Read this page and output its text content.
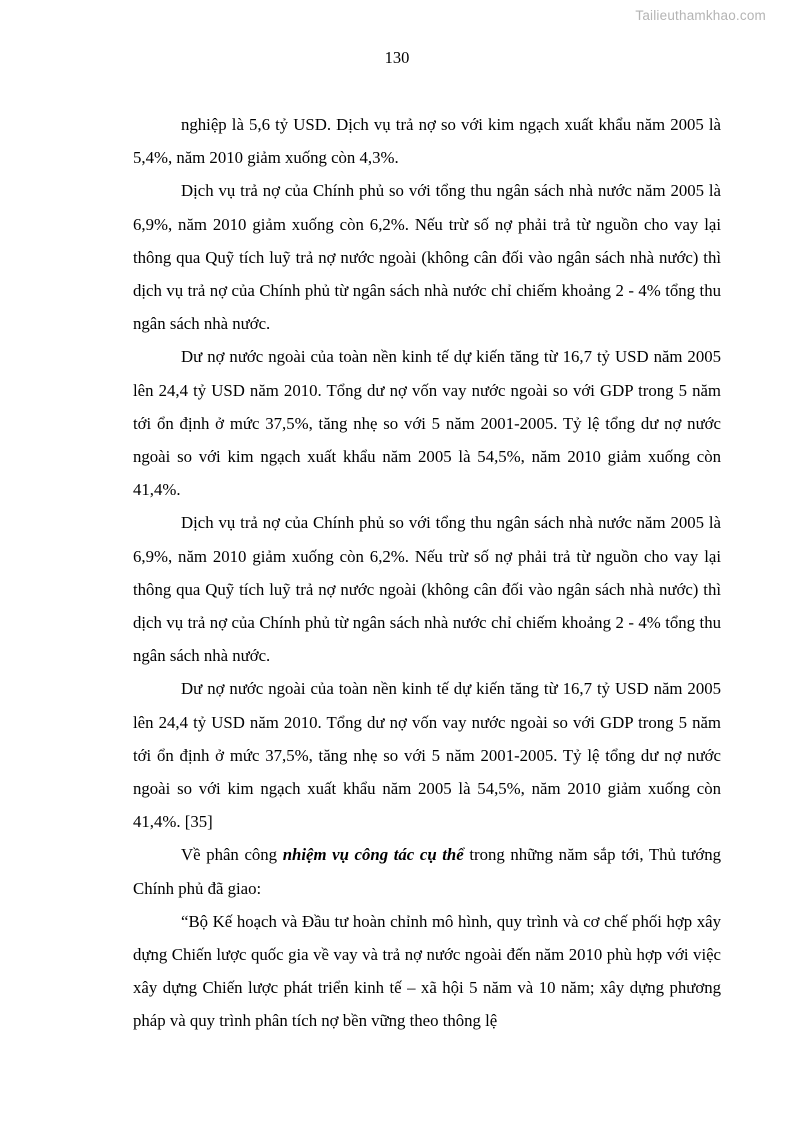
Tailieuthamkhao.com
130

nghiệp là 5,6 tỷ USD. Dịch vụ trả nợ so với kim ngạch xuất khẩu năm 2005 là 5,4%, năm 2010 giảm xuống còn 4,3%.

Dịch vụ trả nợ của Chính phủ so với tổng thu ngân sách nhà nước năm 2005 là 6,9%, năm 2010 giảm xuống còn 6,2%. Nếu trừ số nợ phải trả từ nguồn cho vay lại thông qua Quỹ tích luỹ trả nợ nước ngoài (không cân đối vào ngân sách nhà nước) thì dịch vụ trả nợ của Chính phủ từ ngân sách nhà nước chỉ chiếm khoảng 2 - 4% tổng thu ngân sách nhà nước.

Dư nợ nước ngoài của toàn nền kinh tế dự kiến tăng từ 16,7 tỷ USD năm 2005 lên 24,4 tỷ USD năm 2010. Tổng dư nợ vốn vay nước ngoài so với GDP trong 5 năm tới ổn định ở mức 37,5%, tăng nhẹ so với 5 năm 2001-2005. Tỷ lệ tổng dư nợ nước ngoài so với kim ngạch xuất khẩu năm 2005 là 54,5%, năm 2010 giảm xuống còn 41,4%.

Dịch vụ trả nợ của Chính phủ so với tổng thu ngân sách nhà nước năm 2005 là 6,9%, năm 2010 giảm xuống còn 6,2%. Nếu trừ số nợ phải trả từ nguồn cho vay lại thông qua Quỹ tích luỹ trả nợ nước ngoài (không cân đối vào ngân sách nhà nước) thì dịch vụ trả nợ của Chính phủ từ ngân sách nhà nước chỉ chiếm khoảng 2 - 4% tổng thu ngân sách nhà nước.

Dư nợ nước ngoài của toàn nền kinh tế dự kiến tăng từ 16,7 tỷ USD năm 2005 lên 24,4 tỷ USD năm 2010. Tổng dư nợ vốn vay nước ngoài so với GDP trong 5 năm tới ổn định ở mức 37,5%, tăng nhẹ so với 5 năm 2001-2005. Tỷ lệ tổng dư nợ nước ngoài so với kim ngạch xuất khẩu năm 2005 là 54,5%, năm 2010 giảm xuống còn 41,4%. [35]

Về phân công nhiệm vụ công tác cụ thể trong những năm sắp tới, Thủ tướng Chính phủ đã giao:

“Bộ Kế hoạch và Đầu tư hoàn chỉnh mô hình, quy trình và cơ chế phối hợp xây dựng Chiến lược quốc gia về vay và trả nợ nước ngoài đến năm 2010 phù hợp với việc xây dựng Chiến lược phát triển kinh tế – xã hội 5 năm và 10 năm; xây dựng phương pháp và quy trình phân tích nợ bền vững theo thông lệ
